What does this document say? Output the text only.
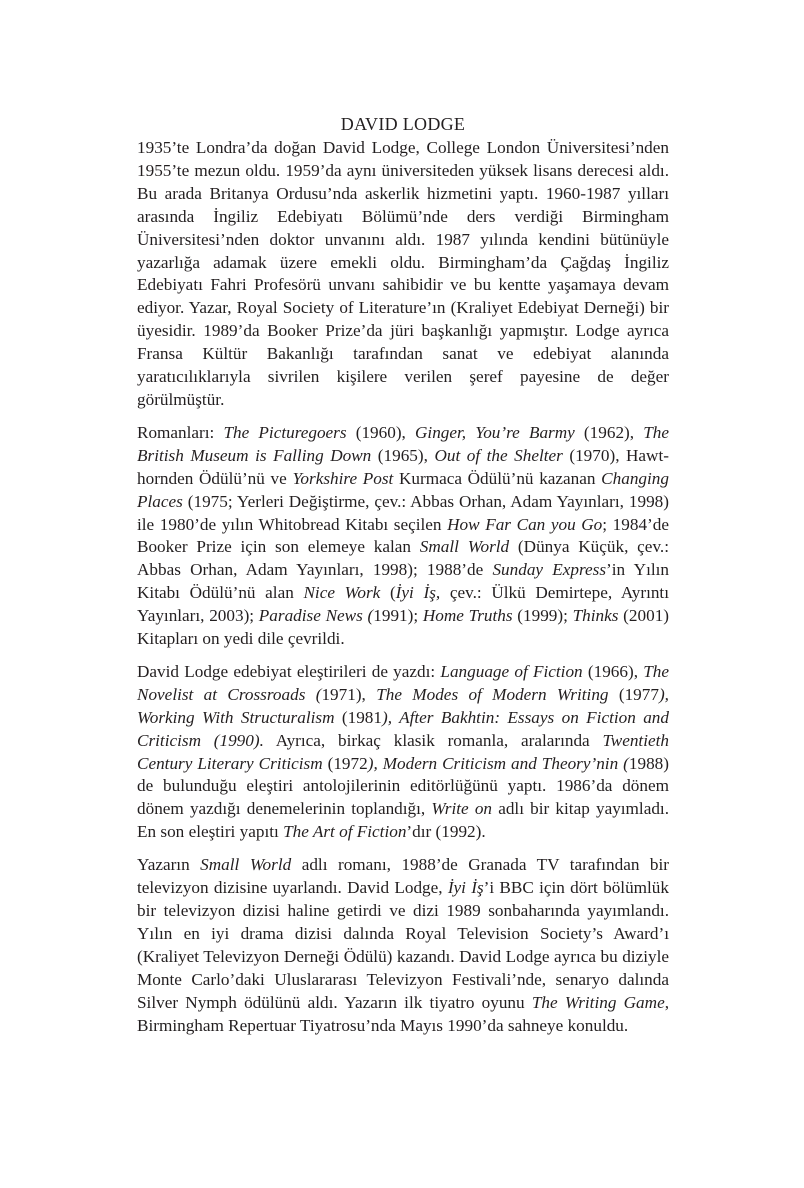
DAVID LODGE

1935’te Londra’da doğan David Lodge, College London Üniversitesi’nden 1955’te mezun oldu. 1959’da aynı üniversiteden yüksek lisans derecesi aldı. Bu arada Britanya Ordusu’nda askerlik hizmetini yaptı. 1960-1987 yılları arasında İngiliz Edebiyatı Bölümü’nde ders verdiği Birmingham Üniversitesi’nden doktor unvanını aldı. 1987 yılında kendini bütünüyle yazarlığa adamak üzere emekli oldu. Birmingham’da Çağdaş İngiliz Edebiyatı Fahri Profesörü unvanı sahibidir ve bu kentte yaşamaya devam ediyor. Yazar, Royal Society of Literature’ın (Kraliyet Edebiyat Derneği) bir üyesidir. 1989’da Booker Prize’da jüri başkanlığı yapmıştır. Lodge ayrıca Fransa Kültür Bakanlığı tarafından sanat ve edebiyat alanında yaratıcılıklarıyla sivrilen kişilere verilen şeref payesine de değer görülmüştür.

Romanları: The Picturegoers (1960), Ginger, You’re Barmy (1962), The British Museum is Falling Down (1965), Out of the Shelter (1970), Hawthornden Ödülü’nü ve Yorkshire Post Kurmaca Ödülü’nü kazanan Changing Places (1975; Yerleri Değiştirme, çev.: Abbas Orhan, Adam Yayınları, 1998) ile 1980’de yılın Whitobread Kitabı seçilen How Far Can you Go; 1984’de Booker Prize için son elemeye kalan Small World (Dünya Küçük, çev.: Abbas Orhan, Adam Yayınları, 1998); 1988’de Sunday Express’in Yılın Kitabı Ödülü’nü alan Nice Work (İyi İş, çev.: Ülkü Demirtepe, Ayrıntı Yayınları, 2003); Paradise News (1991); Home Truths (1999); Thinks (2001) Kitapları on yedi dile çevrildi.

David Lodge edebiyat eleştirileri de yazdı: Language of Fiction (1966), The Novelist at Crossroads (1971), The Modes of Modern Writing (1977), Working With Structuralism (1981), After Bakhtin: Essays on Fiction and Criticism (1990). Ayrıca, birkaç klasik romanla, aralarında Twentieth Century Literary Criticism (1972), Modern Criticism and Theory’nin (1988) de bulunduğu eleştiri antolojilerinin editörlüğünü yaptı. 1986’da dönem dönem yazdığı denemelerinin toplandığı, Write on adlı bir kitap yayımladı. En son eleştiri yapıtı The Art of Fiction’dır (1992).

Yazarın Small World adlı romanı, 1988’de Granada TV tarafından bir televizyon dizisine uyarlandı. David Lodge, İyi İş’i BBC için dört bölümlük bir televizyon dizisi haline getirdi ve dizi 1989 sonbaharında yayımlandı. Yılın en iyi drama dizisi dalında Royal Television Society’s Award’ı (Kraliyet Televizyon Derneği Ödülü) kazandı. David Lodge ayrıca bu diziyle Monte Carlo’daki Uluslararası Televizyon Festivali’nde, senaryo dalında Silver Nymph ödülünü aldı. Yazarın ilk tiyatro oyunu The Writing Game, Birmingham Repertuar Tiyatrosu’nda Mayıs 1990’da sahneye konuldu.
